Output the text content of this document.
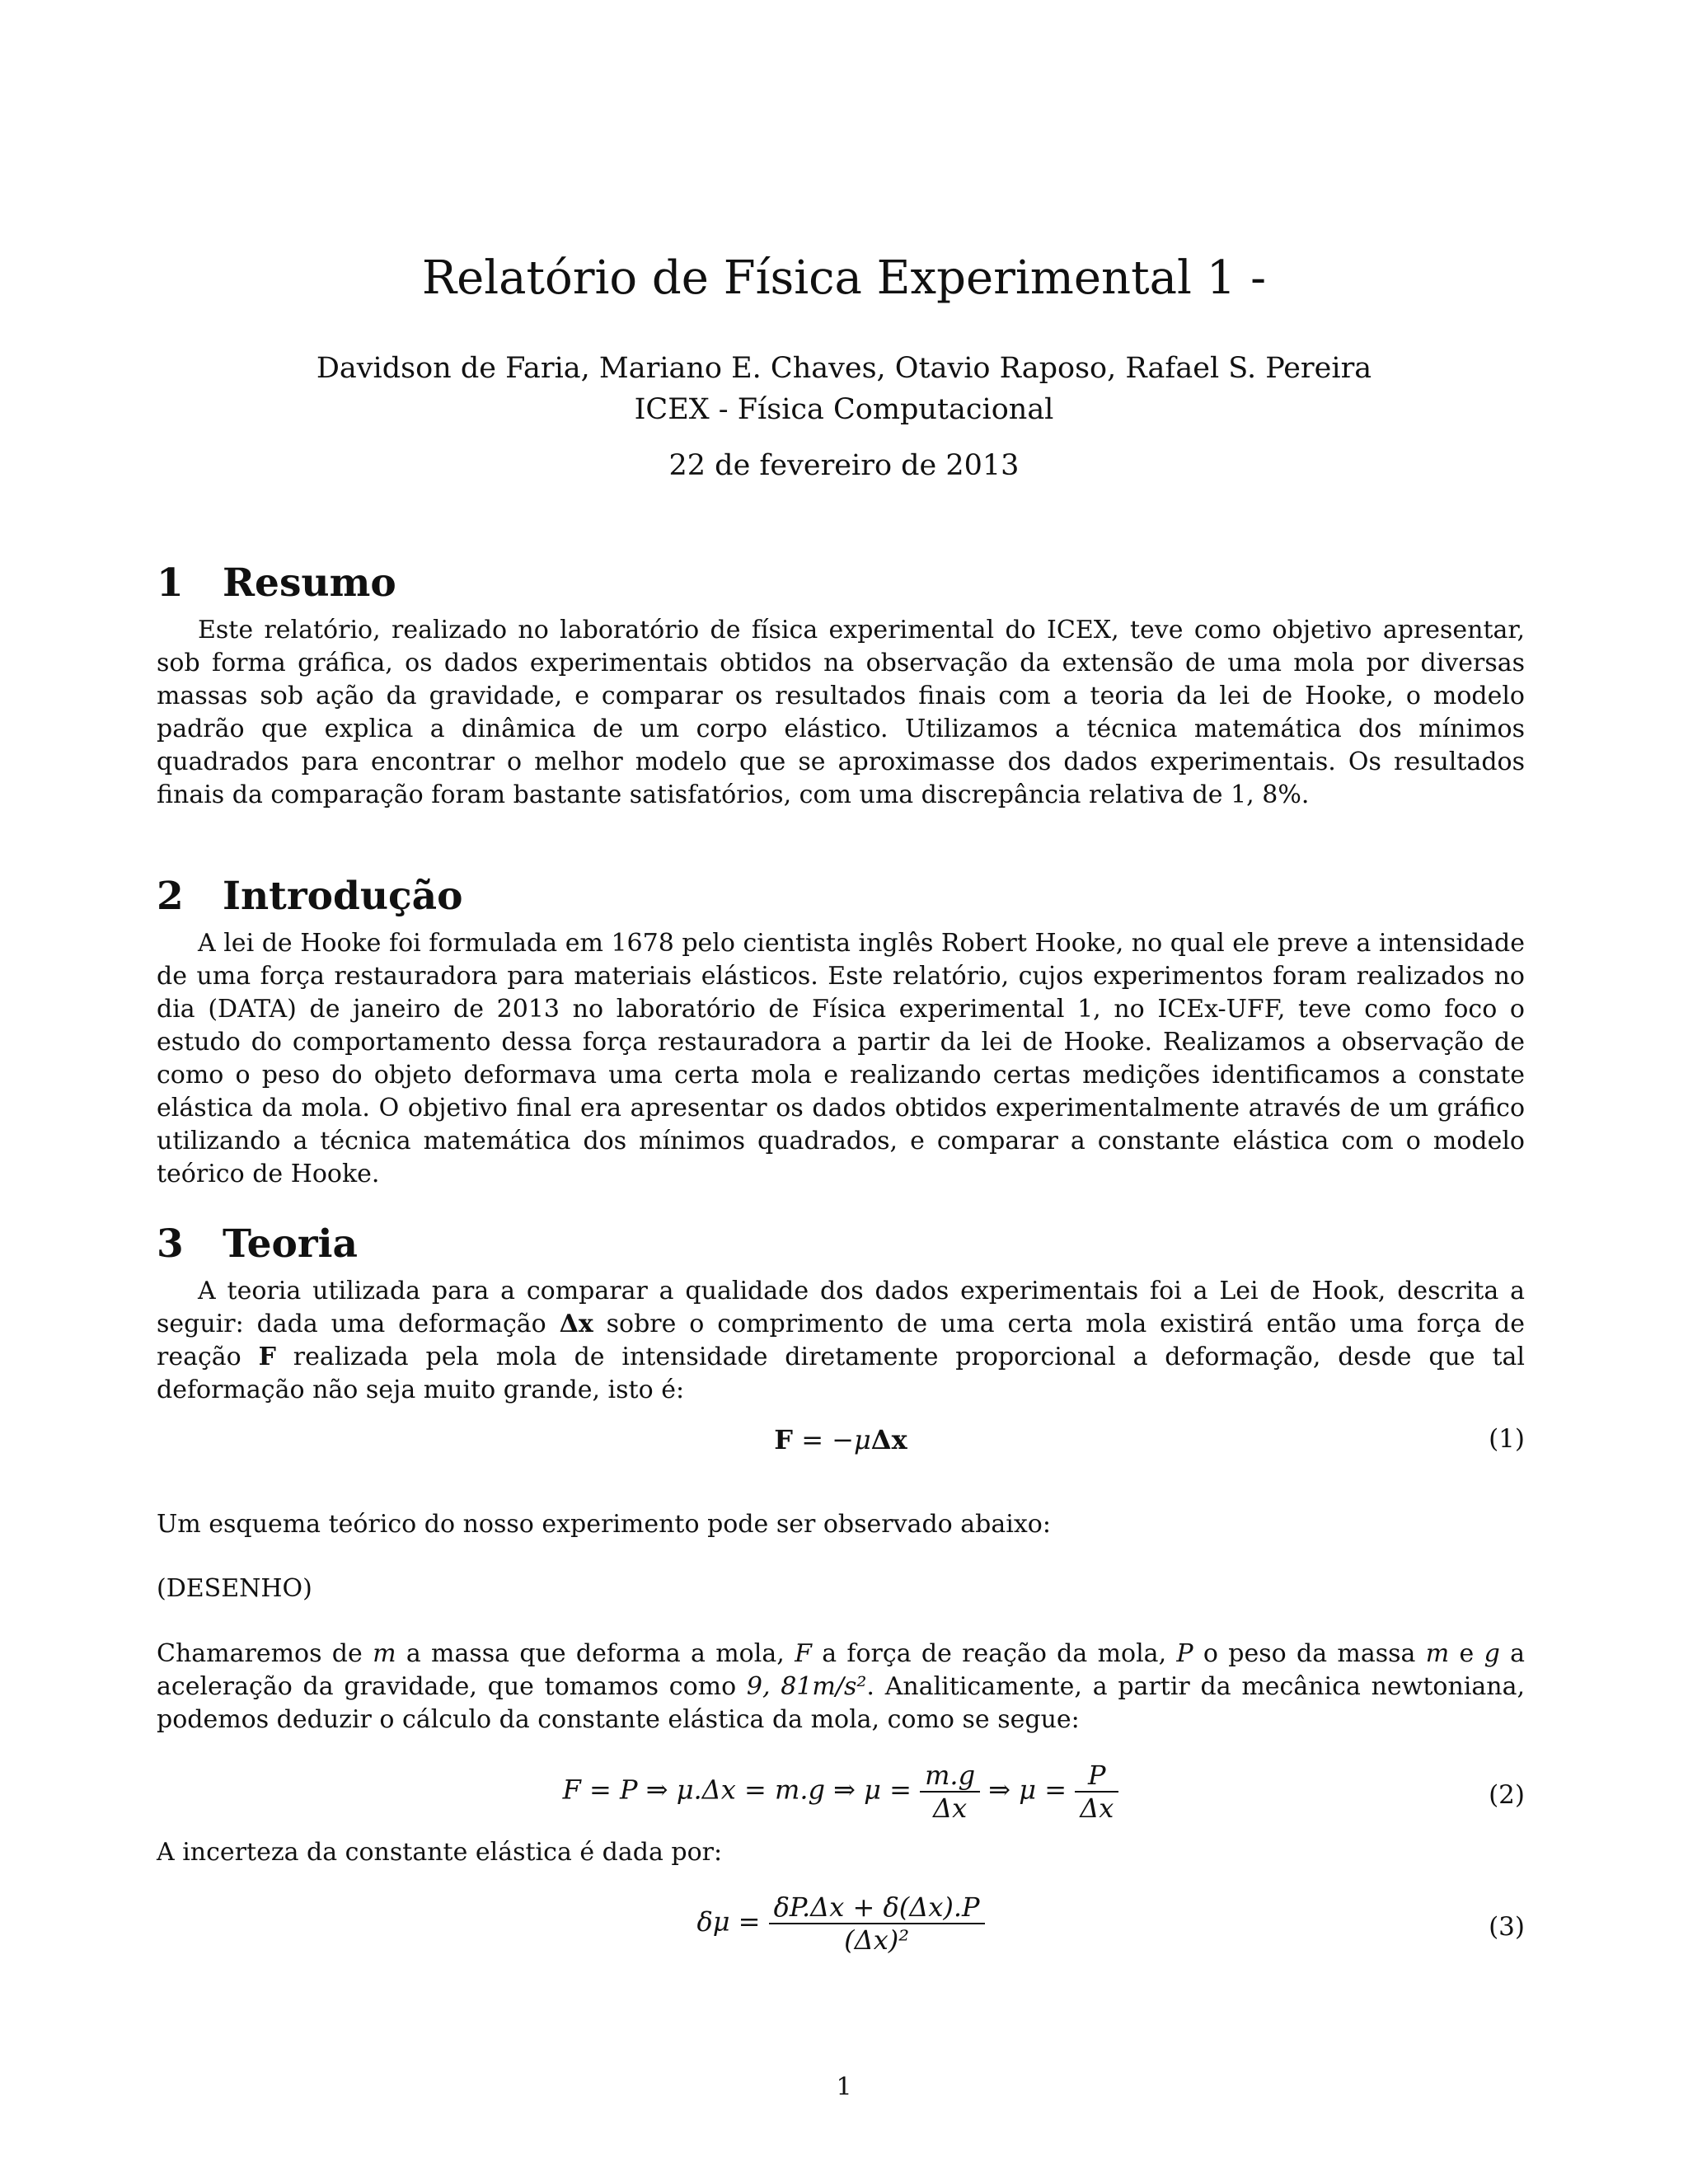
Relatório de Física Experimental 1 -
Davidson de Faria, Mariano E. Chaves, Otavio Raposo, Rafael S. Pereira
ICEX - Física Computacional
22 de fevereiro de 2013
1 Resumo

Este relatório, realizado no laboratório de física experimental do ICEX, teve como objetivo apresentar, sob forma gráfica, os dados experimentais obtidos na observação da extensão de uma mola por diversas massas sob ação da gravidade, e comparar os resultados finais com a teoria da lei de Hooke, o modelo padrão que explica a dinâmica de um corpo elástico. Utilizamos a técnica matemática dos mínimos quadrados para encontrar o melhor modelo que se aproximasse dos dados experimentais. Os resultados finais da comparação foram bastante satisfatórios, com uma discrepância relativa de 1, 8%.

2 Introdução

A lei de Hooke foi formulada em 1678 pelo cientista inglês Robert Hooke, no qual ele preve a intensidade de uma força restauradora para materiais elásticos. Este relatório, cujos experimentos foram realizados no dia (DATA) de janeiro de 2013 no laboratório de Física experimental 1, no ICEx-UFF, teve como foco o estudo do comportamento dessa força restauradora a partir da lei de Hooke. Realizamos a observação de como o peso do objeto deformava uma certa mola e realizando certas medições identificamos a constate elástica da mola. O objetivo final era apresentar os dados obtidos experimentalmente através de um gráfico utilizando a técnica matemática dos mínimos quadrados, e comparar a constante elástica com o modelo teórico de Hooke.

3 Teoria

A teoria utilizada para a comparar a qualidade dos dados experimentais foi a Lei de Hook, descrita a seguir: dada uma deformação Δx sobre o comprimento de uma certa mola existirá então uma força de reação F realizada pela mola de intensidade diretamente proporcional a deformação, desde que tal deformação não seja muito grande, isto é:

F = −μΔx	(1)

Um esquema teórico do nosso experimento pode ser observado abaixo:

(DESENHO)

Chamaremos de m a massa que deforma a mola, F a força de reação da mola, P o peso da massa m e g a aceleração da gravidade, que tomamos como 9, 81m/s². Analiticamente, a partir da mecânica newtoniana, podemos deduzir o cálculo da constante elástica da mola, como se segue:

F = P ⇒ μ.Δx = m.g ⇒ $\mu = \frac{m.g}{\Delta x}$ ⇒ $\mu = \frac{P}{\Delta x}$	(2)

A incerteza da constante elástica é dada por:

$\delta\mu = \frac{\delta P.\Delta x + \delta(\Delta x).P}{\text{(Δx)²}}$	(3)
1
